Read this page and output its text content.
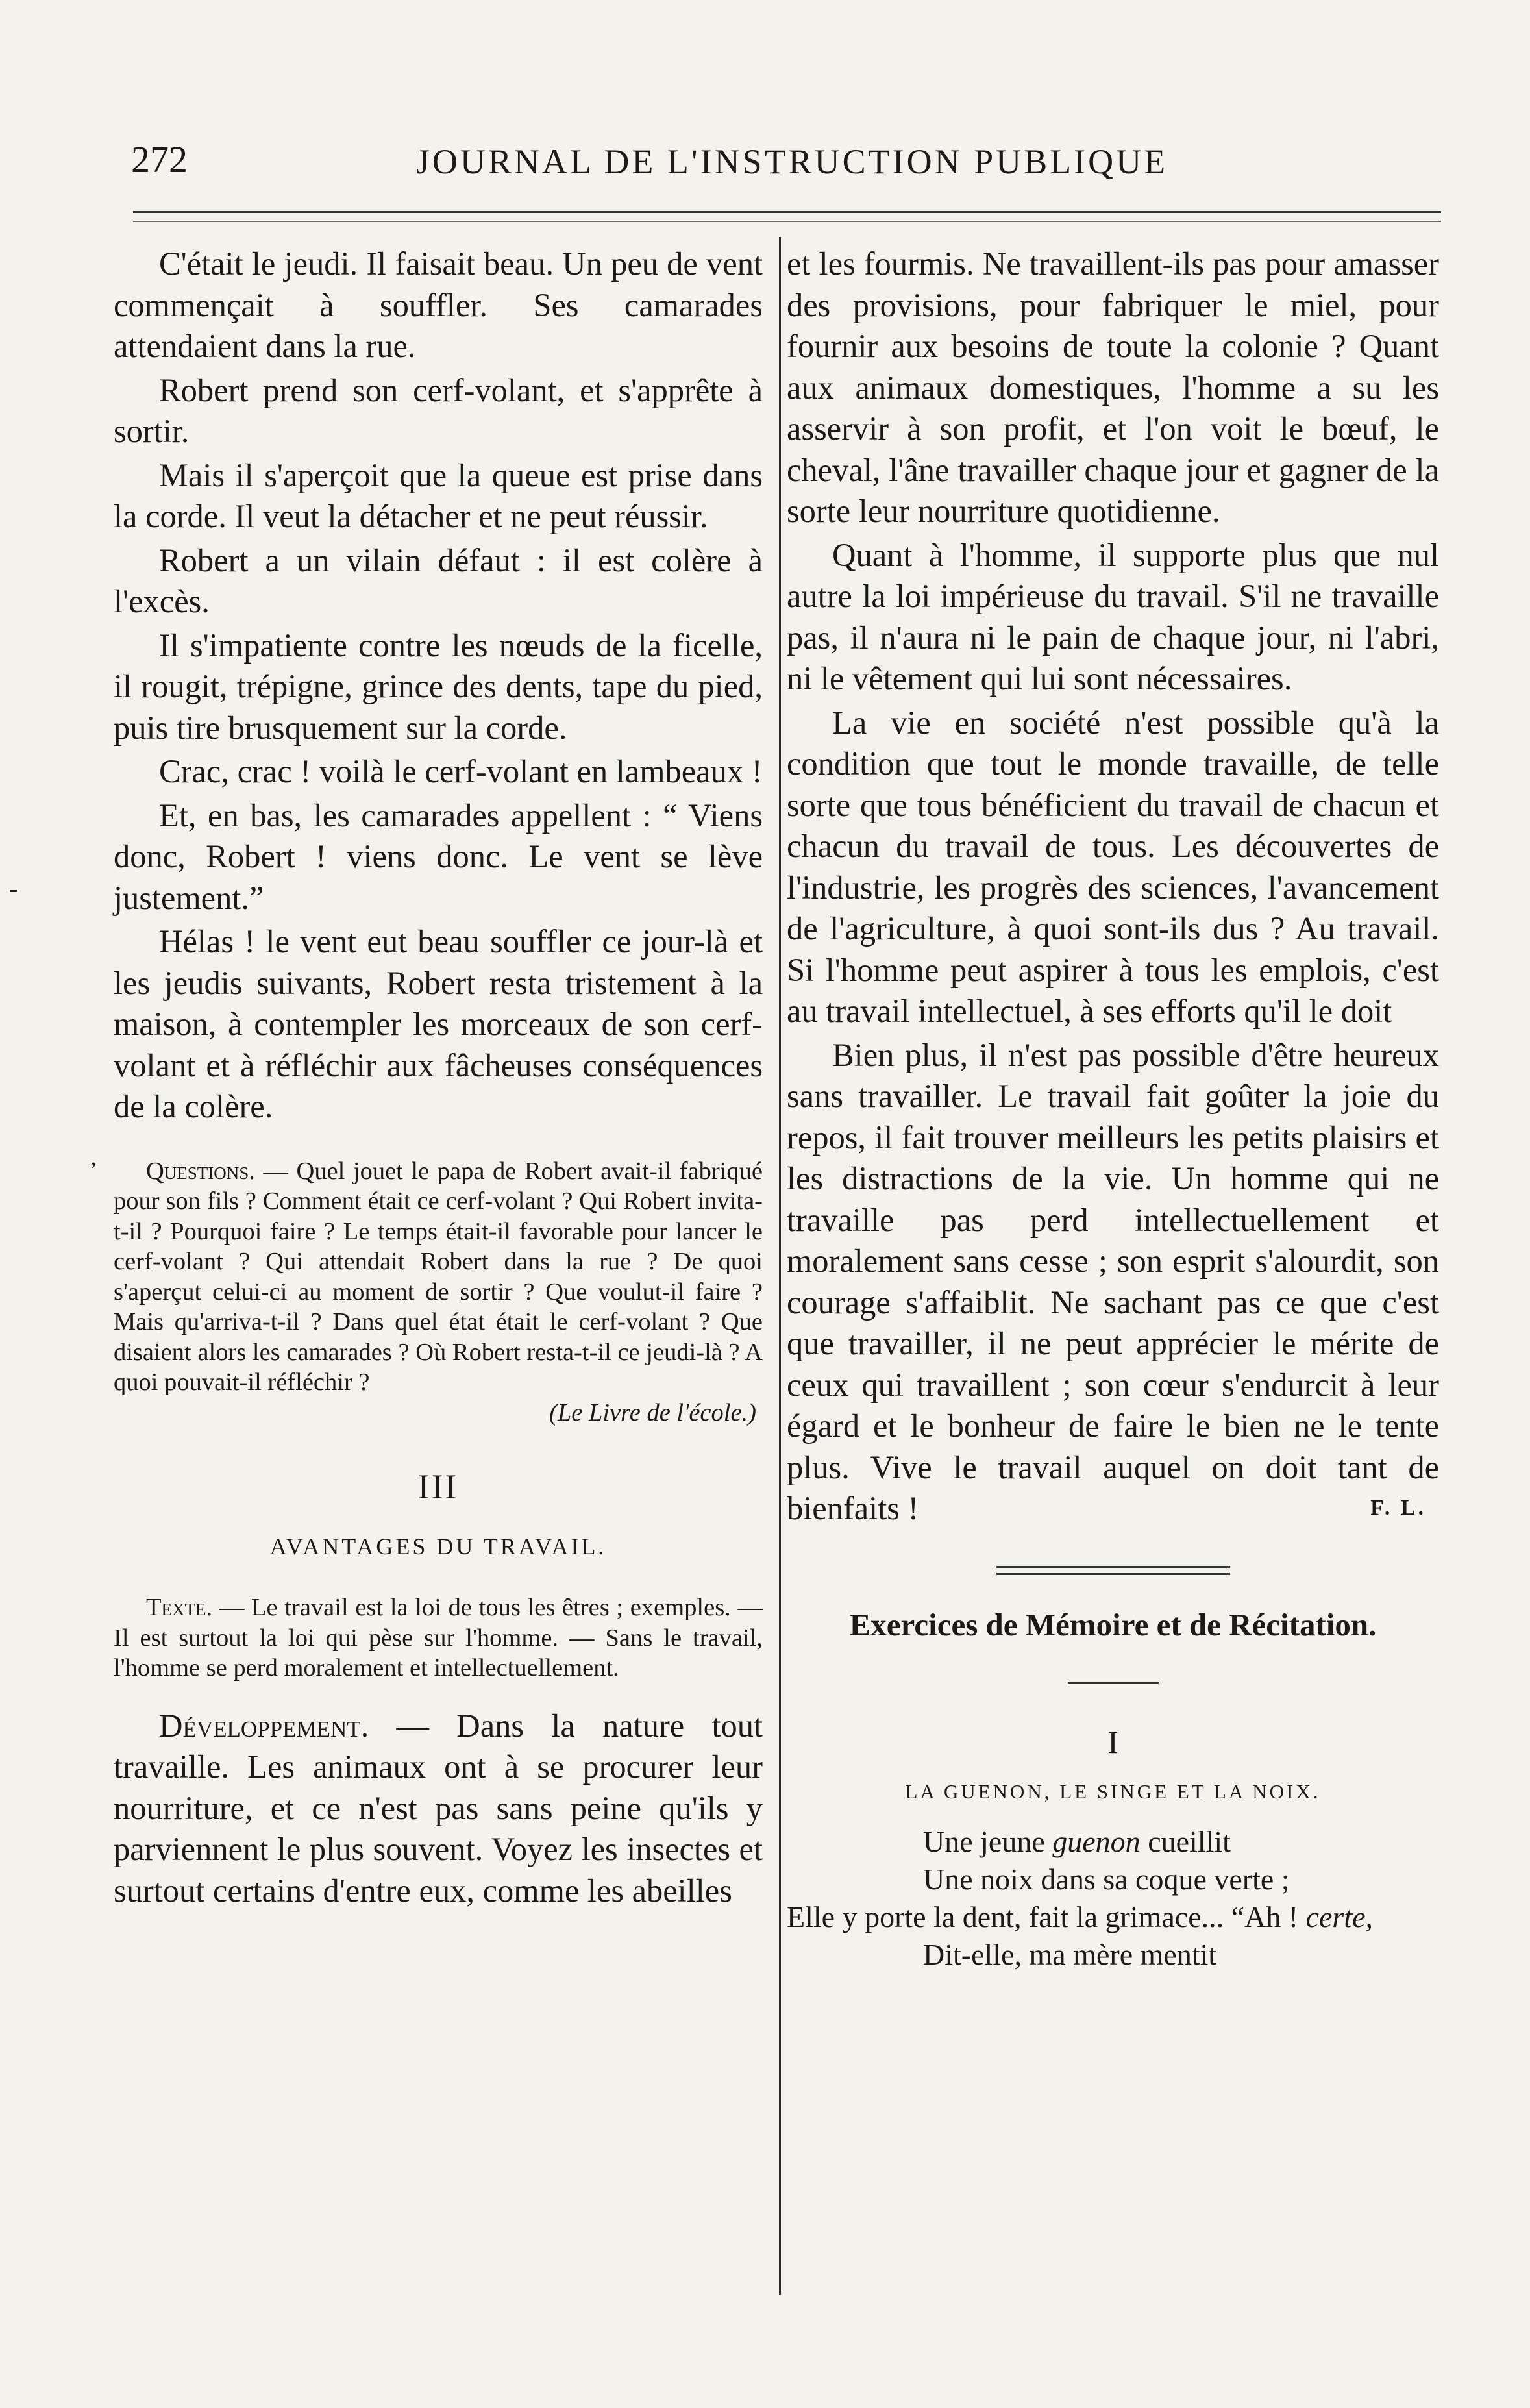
272	JOURNAL DE L'INSTRUCTION PUBLIQUE
-
,

C'était le jeudi. Il faisait beau. Un peu de vent commençait à souffler. Ses camarades attendaient dans la rue.

Robert prend son cerf-volant, et s'apprête à sortir.

Mais il s'aperçoit que la queue est prise dans la corde. Il veut la détacher et ne peut réussir.

Robert a un vilain défaut : il est colère à l'excès.

Il s'impatiente contre les nœuds de la ficelle, il rougit, trépigne, grince des dents, tape du pied, puis tire brusquement sur la corde.

Crac, crac ! voilà le cerf-volant en lambeaux !

Et, en bas, les camarades appellent : “ Viens donc, Robert ! viens donc. Le vent se lève justement.”

Hélas ! le vent eut beau souffler ce jour-là et les jeudis suivants, Robert resta tristement à la maison, à contempler les morceaux de son cerf-volant et à réfléchir aux fâcheuses conséquences de la colère.

Questions. — Quel jouet le papa de Robert avait-il fabriqué pour son fils ? Comment était ce cerf-volant ? Qui Robert invita-t-il ? Pourquoi faire ? Le temps était-il favorable pour lancer le cerf-volant ? Qui attendait Robert dans la rue ? De quoi s'aperçut celui-ci au moment de sortir ? Que voulut-il faire ? Mais qu'arriva-t-il ? Dans quel état était le cerf-volant ? Que disaient alors les camarades ? Où Robert resta-t-il ce jeudi-là ? A quoi pouvait-il réfléchir ?

(Le Livre de l'école.)

III
AVANTAGES DU TRAVAIL.

Texte. — Le travail est la loi de tous les êtres ; exemples. — Il est surtout la loi qui pèse sur l'homme. — Sans le travail, l'homme se perd moralement et intellectuellement.

Développement. — Dans la nature tout travaille. Les animaux ont à se procurer leur nourriture, et ce n'est pas sans peine qu'ils y parviennent le plus souvent. Voyez les insectes et surtout certains d'entre eux, comme les abeilles

et les fourmis. Ne travaillent-ils pas pour amasser des provisions, pour fabriquer le miel, pour fournir aux besoins de toute la colonie ? Quant aux animaux domestiques, l'homme a su les asservir à son profit, et l'on voit le bœuf, le cheval, l'âne travailler chaque jour et gagner de la sorte leur nourriture quotidienne.

Quant à l'homme, il supporte plus que nul autre la loi impérieuse du travail. S'il ne travaille pas, il n'aura ni le pain de chaque jour, ni l'abri, ni le vêtement qui lui sont nécessaires.

La vie en société n'est possible qu'à la condition que tout le monde travaille, de telle sorte que tous bénéficient du travail de chacun et chacun du travail de tous. Les découvertes de l'industrie, les progrès des sciences, l'avancement de l'agriculture, à quoi sont-ils dus ? Au travail. Si l'homme peut aspirer à tous les emplois, c'est au travail intellectuel, à ses efforts qu'il le doit

Bien plus, il n'est pas possible d'être heureux sans travailler. Le travail fait goûter la joie du repos, il fait trouver meilleurs les petits plaisirs et les distractions de la vie. Un homme qui ne travaille pas perd intellectuellement et moralement sans cesse ; son esprit s'alourdit, son courage s'affaiblit. Ne sachant pas ce que c'est que travailler, il ne peut apprécier le mérite de ceux qui travaillent ; son cœur s'endurcit à leur égard et le bonheur de faire le bien ne le tente plus. Vive le travail auquel on doit tant de bienfaits !	F. L.
Exercices de Mémoire et de Récitation.
I
LA GUENON, LE SINGE ET LA NOIX.

Une jeune guenon cueillit

Une noix dans sa coque verte ;

Elle y porte la dent, fait la grimace... “Ah ! certe,

Dit-elle, ma mère mentit
